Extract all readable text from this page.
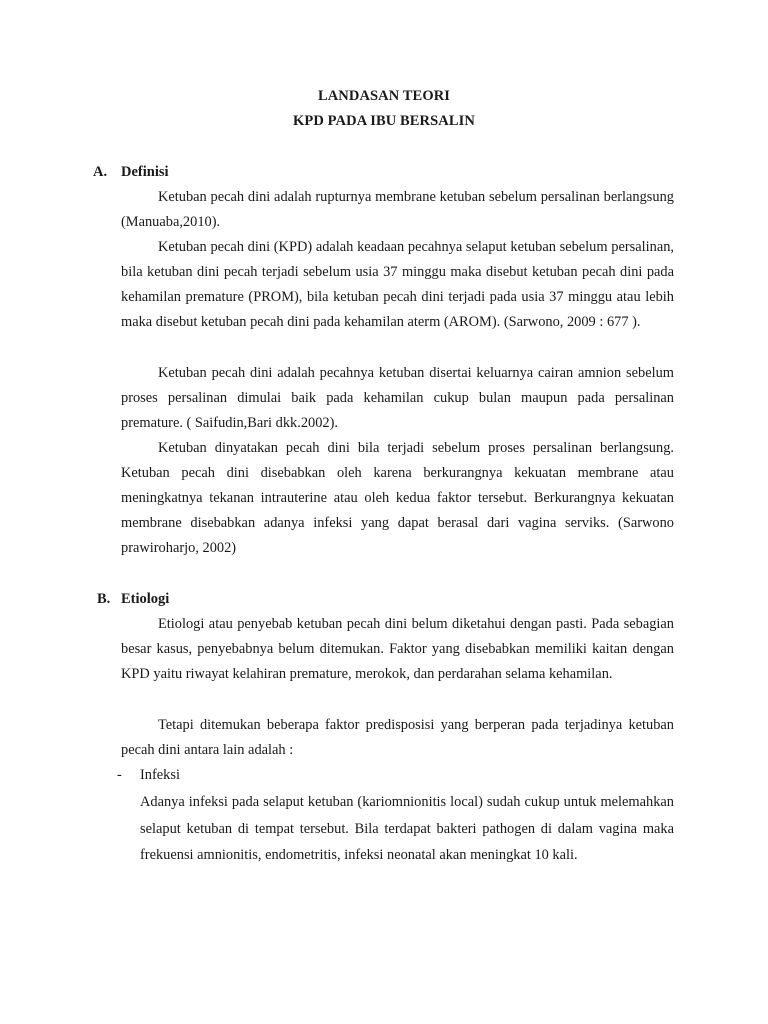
LANDASAN TEORI
KPD PADA IBU BERSALIN
A. Definisi

Ketuban pecah dini adalah rupturnya membrane ketuban sebelum persalinan berlangsung (Manuaba,2010).

Ketuban pecah dini (KPD) adalah keadaan pecahnya selaput ketuban sebelum persalinan, bila ketuban dini pecah terjadi sebelum usia 37 minggu maka disebut ketuban pecah dini pada kehamilan premature (PROM), bila ketuban pecah dini terjadi pada usia 37 minggu atau lebih maka disebut ketuban pecah dini pada kehamilan aterm (AROM). (Sarwono, 2009 : 677 ).

Ketuban pecah dini adalah pecahnya ketuban disertai keluarnya cairan amnion sebelum proses persalinan dimulai baik pada kehamilan cukup bulan maupun pada persalinan premature. ( Saifudin,Bari dkk.2002).

Ketuban dinyatakan pecah dini bila terjadi sebelum proses persalinan berlangsung. Ketuban pecah dini disebabkan oleh karena berkurangnya kekuatan membrane atau meningkatnya tekanan intrauterine atau oleh kedua faktor tersebut. Berkurangnya kekuatan membrane disebabkan adanya infeksi yang dapat berasal dari vagina serviks. (Sarwono prawiroharjo, 2002)

B. Etiologi

Etiologi atau penyebab ketuban pecah dini belum diketahui dengan pasti. Pada sebagian besar kasus, penyebabnya belum ditemukan. Faktor yang disebabkan memiliki kaitan dengan KPD yaitu riwayat kelahiran premature, merokok, dan perdarahan selama kehamilan.

Tetapi ditemukan beberapa faktor predisposisi yang berperan pada terjadinya ketuban pecah dini antara lain adalah :

- Infeksi

Adanya infeksi pada selaput ketuban (kariomnionitis local) sudah cukup untuk melemahkan selaput ketuban di tempat tersebut. Bila terdapat bakteri pathogen di dalam vagina maka frekuensi amnionitis, endometritis, infeksi neonatal akan meningkat 10 kali.
